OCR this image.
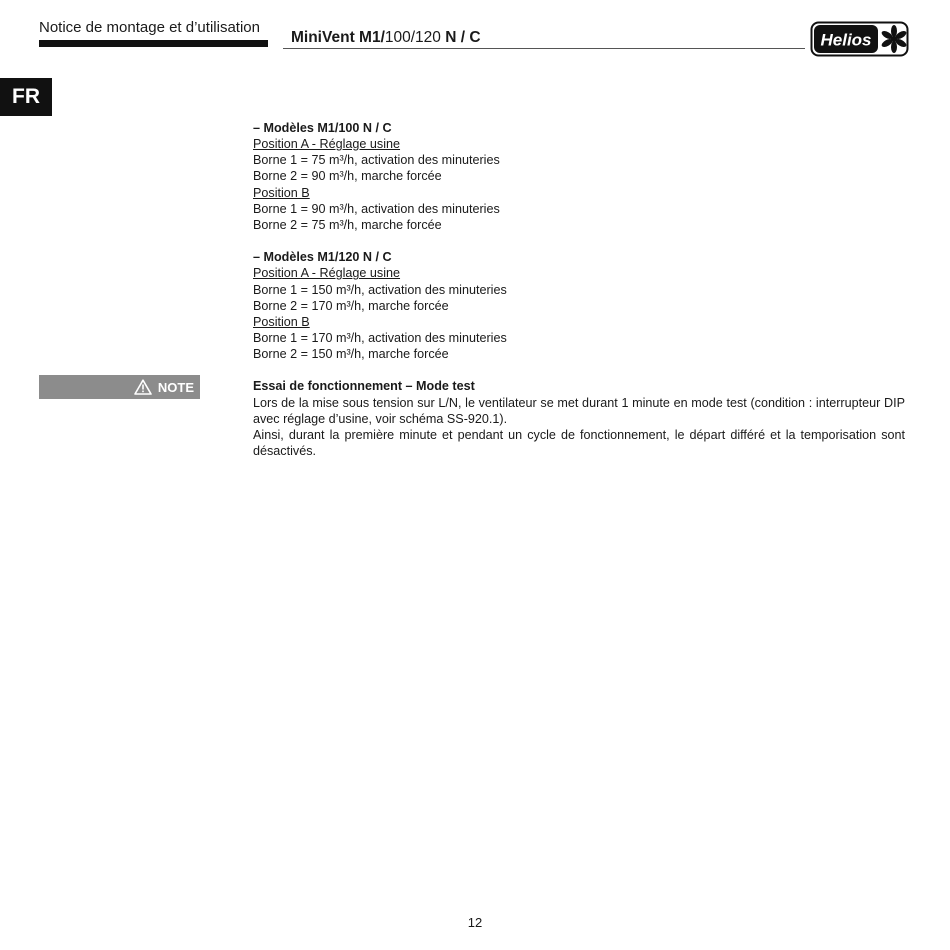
Notice de montage et d’utilisation
MiniVent M1/100/120 N / C	Helios
FR
NOTE

– Modèles M1/100 N / C

Position A - Réglage usine

Borne 1 = 75 m³/h, activation des minuteries

Borne 2 = 90 m³/h, marche forcée

Position B

Borne 1 = 90 m³/h, activation des minuteries

Borne 2 = 75 m³/h, marche forcée

– Modèles M1/120 N / C

Position A - Réglage usine

Borne 1 = 150 m³/h, activation des minuteries

Borne 2 = 170 m³/h, marche forcée

Position B

Borne 1 = 170 m³/h, activation des minuteries

Borne 2 = 150 m³/h, marche forcée

Essai de fonctionnement – Mode test

Lors de la mise sous tension sur L/N, le ventilateur se met durant 1 minute en mode test (condition : interrupteur DIP avec réglage d’usine, voir schéma SS-920.1).

Ainsi, durant la première minute et pendant un cycle de fonctionnement, le départ différé et la temporisation sont désactivés.

12
